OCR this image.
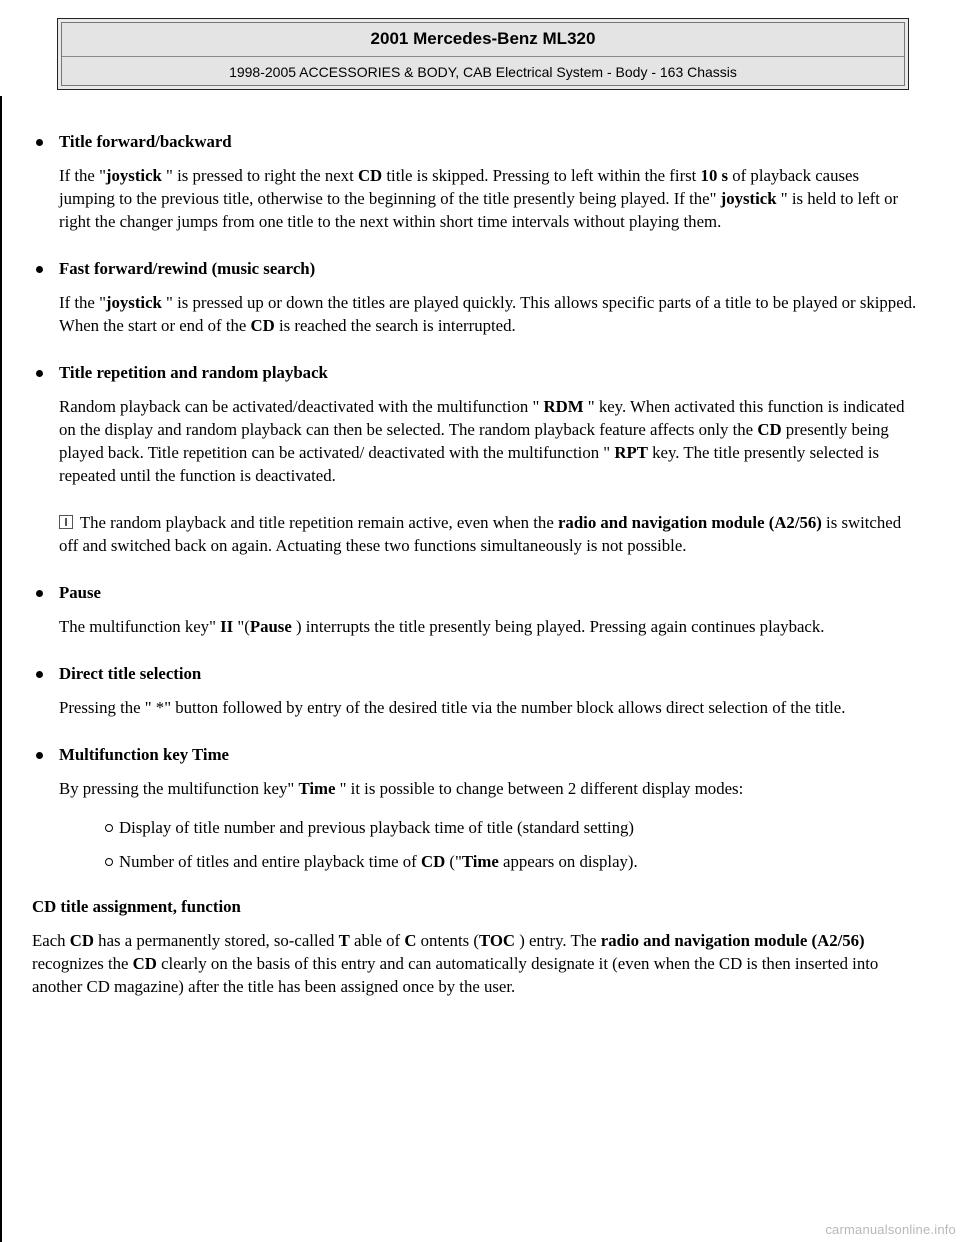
2001 Mercedes-Benz ML320
1998-2005 ACCESSORIES & BODY, CAB Electrical System - Body - 163 Chassis
Title forward/backward

If the "joystick " is pressed to right the next CD title is skipped. Pressing to left within the first 10 s of playback causes jumping to the previous title, otherwise to the beginning of the title presently being played. If the" joystick " is held to left or right the changer jumps from one title to the next within short time intervals without playing them.

Fast forward/rewind (music search)

If the "joystick " is pressed up or down the titles are played quickly. This allows specific parts of a title to be played or skipped. When the start or end of the CD is reached the search is interrupted.

Title repetition and random playback

Random playback can be activated/deactivated with the multifunction " RDM " key. When activated this function is indicated on the display and random playback can then be selected. The random playback feature affects only the CD presently being played back. Title repetition can be activated/ deactivated with the multifunction " RPT key. The title presently selected is repeated until the function is deactivated.

The random playback and title repetition remain active, even when the radio and navigation module (A2/56) is switched off and switched back on again. Actuating these two functions simultaneously is not possible.

Pause

The multifunction key" II "(Pause ) interrupts the title presently being played. Pressing again continues playback.

Direct title selection

Pressing the " *" button followed by entry of the desired title via the number block allows direct selection of the title.

Multifunction key Time

By pressing the multifunction key" Time " it is possible to change between 2 different display modes:

Display of title number and previous playback time of title (standard setting)
Number of titles and entire playback time of CD ("Time appears on display).
CD title assignment, function

Each CD has a permanently stored, so-called T able of C ontents (TOC ) entry. The radio and navigation module (A2/56) recognizes the CD clearly on the basis of this entry and can automatically designate it (even when the CD is then inserted into another CD magazine) after the title has been assigned once by the user.

carmanualsonline.info
